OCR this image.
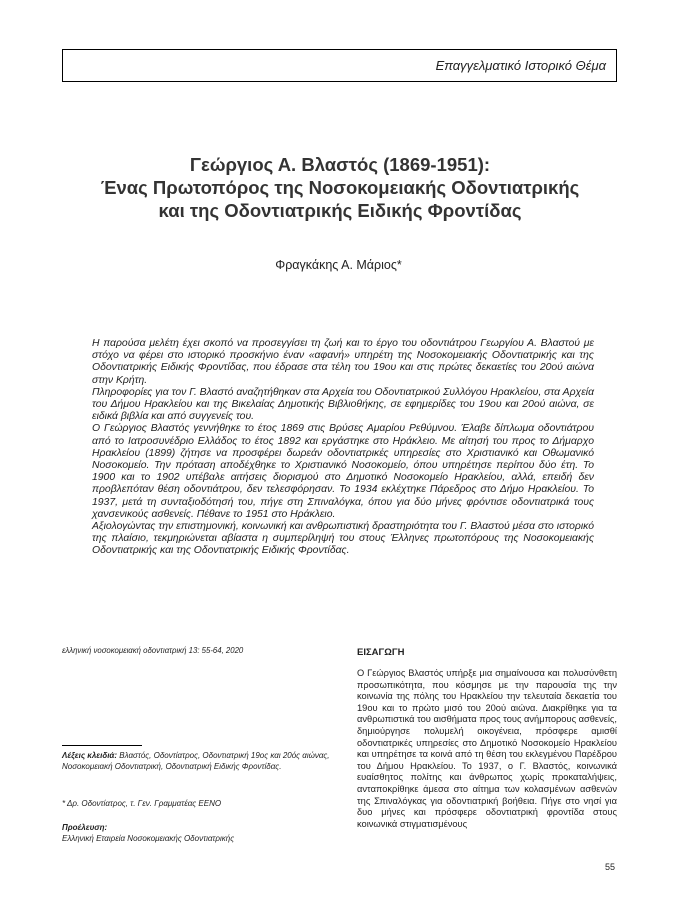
Επαγγελματικό Ιστορικό Θέμα
Γεώργιος Α. Βλαστός (1869-1951):
Ένας Πρωτοπόρος της Νοσοκομειακής Οδοντιατρικής
και της Οδοντιατρικής Ειδικής Φροντίδας
Φραγκάκης Α. Μάριος*

Η παρούσα μελέτη έχει σκοπό να προσεγγίσει τη ζωή και το έργο του οδοντιάτρου Γεωργίου Α. Βλαστού με στόχο να φέρει στο ιστορικό προσκήνιο έναν «αφανή» υπηρέτη της Νοσοκομειακής Οδοντιατρικής και της Οδοντιατρικής Ειδικής Φροντίδας, που έδρασε στα τέλη του 19ου και στις πρώτες δεκαετίες του 20ού αιώνα στην Κρήτη.

Πληροφορίες για τον Γ. Βλαστό αναζητήθηκαν στα Αρχεία του Οδοντιατρικού Συλλόγου Ηρακλείου, στα Αρχεία του Δήμου Ηρακλείου και της Βικελαίας Δημοτικής Βιβλιοθήκης, σε εφημερίδες του 19ου και 20ού αιώνα, σε ειδικά βιβλία και από συγγενείς του.

Ο Γεώργιος Βλαστός γεννήθηκε το έτος 1869 στις Βρύσες Αμαρίου Ρεθύμνου. Έλαβε δίπλωμα οδοντιάτρου από το Ιατροσυνέδριο Ελλάδος το έτος 1892 και εργάστηκε στο Ηράκλειο. Με αίτησή του προς το Δήμαρχο Ηρακλείου (1899) ζήτησε να προσφέρει δωρεάν οδοντιατρικές υπηρεσίες στο Χριστιανικό και Οθωμανικό Νοσοκομείο. Την πρόταση αποδέχθηκε το Χριστιανικό Νοσοκομείο, όπου υπηρέτησε περίπου δύο έτη. Το 1900 και το 1902 υπέβαλε αιτήσεις διορισμού στο Δημοτικό Νοσοκομείο Ηρακλείου, αλλά, επειδή δεν προβλεπόταν θέση οδοντιάτρου, δεν τελεσφόρησαν. Το 1934 εκλέχτηκε Πάρεδρος στο Δήμο Ηρακλείου. Το 1937, μετά τη συνταξιοδότησή του, πήγε στη Σπιναλόγκα, όπου για δύο μήνες φρόντισε οδοντιατρικά τους χανσενικούς ασθενείς. Πέθανε το 1951 στο Ηράκλειο.

Αξιολογώντας την επιστημονική, κοινωνική και ανθρωπιστική δραστηριότητα του Γ. Βλαστού μέσα στο ιστορικό της πλαίσιο, τεκμηριώνεται αβίαστα η συμπερίληψή του στους Έλληνες πρωτοπόρους της Νοσοκομειακής Οδοντιατρικής και της Οδοντιατρικής Ειδικής Φροντίδας.

ελληνική νοσοκομειακή οδοντιατρική 13: 55-64, 2020
Λέξεις κλειδιά: Βλαστός, Οδοντίατρος, Οδοντιατρική 19ος και 20ός αιώνας, Νοσοκομειακή Οδοντιατρική, Οδοντιατρική Ειδικής Φροντίδας.
* Δρ. Οδοντίατρος, τ. Γεν. Γραμματέας ΕΕΝΟ
Προέλευση:
Ελληνική Εταιρεία Νοσοκομειακής Οδοντιατρικής
ΕΙΣΑΓΩΓΗ

Ο Γεώργιος Βλαστός υπήρξε μια σημαίνουσα και πολυσύνθετη προσωπικότητα, που κόσμησε με την παρουσία της την κοινωνία της πόλης του Ηρακλείου την τελευταία δεκαετία του 19ου και το πρώτο μισό του 20ού αιώνα. Διακρίθηκε για τα ανθρωπιστικά του αισθήματα προς τους ανήμπορους ασθενείς, δημιούργησε πολυμελή οικογένεια, πρόσφερε αμισθί οδοντιατρικές υπηρεσίες στο Δημοτικό Νοσοκομείο Ηρακλείου και υπηρέτησε τα κοινά από τη θέση του εκλεγμένου Παρέδρου του Δήμου Ηρακλείου. Το 1937, ο Γ. Βλαστός, κοινωνικά ευαίσθητος πολίτης και άνθρωπος χωρίς προκαταλήψεις, ανταποκρίθηκε άμεσα στο αίτημα των κολασμένων ασθενών της Σπιναλόγκας για οδοντιατρική βοήθεια. Πήγε στο νησί για δυο μήνες και πρόσφερε οδοντιατρική φροντίδα στους κοινωνικά στιγματισμένους

55
